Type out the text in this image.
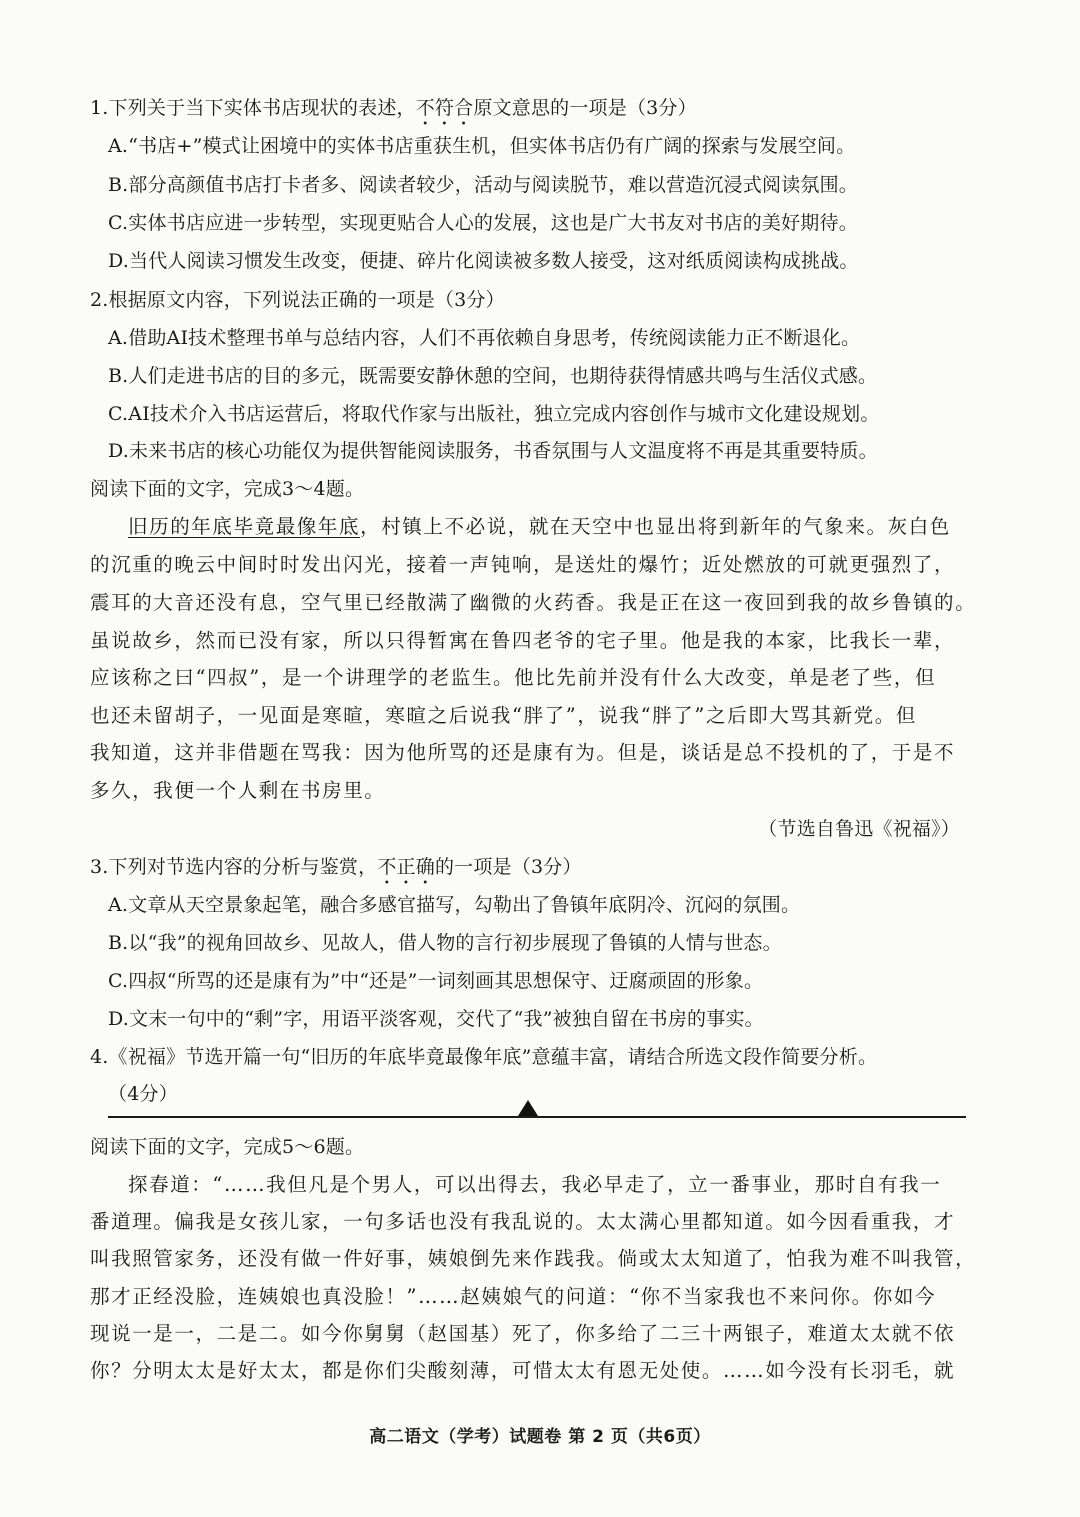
1.下列关于当下实体书店现状的表述，不符合原文意思的一项是（3分）
A.“书店+”模式让困境中的实体书店重获生机，但实体书店仍有广阔的探索与发展空间。
B.部分高颜值书店打卡者多、阅读者较少，活动与阅读脱节，难以营造沉浸式阅读氛围。
C.实体书店应进一步转型，实现更贴合人心的发展，这也是广大书友对书店的美好期待。
D.当代人阅读习惯发生改变，便捷、碎片化阅读被多数人接受，这对纸质阅读构成挑战。
2.根据原文内容，下列说法正确的一项是（3分）
A.借助AI技术整理书单与总结内容，人们不再依赖自身思考，传统阅读能力正不断退化。
B.人们走进书店的目的多元，既需要安静休憩的空间，也期待获得情感共鸣与生活仪式感。
C.AI技术介入书店运营后，将取代作家与出版社，独立完成内容创作与城市文化建设规划。
D.未来书店的核心功能仅为提供智能阅读服务，书香氛围与人文温度将不再是其重要特质。
阅读下面的文字，完成3～4题。
旧历的年底毕竟最像年底，村镇上不必说，就在天空中也显出将到新年的气象来。灰白色
的沉重的晚云中间时时发出闪光，接着一声钝响，是送灶的爆竹；近处燃放的可就更强烈了，
震耳的大音还没有息，空气里已经散满了幽微的火药香。我是正在这一夜回到我的故乡鲁镇的。
虽说故乡，然而已没有家，所以只得暂寓在鲁四老爷的宅子里。他是我的本家，比我长一辈，
应该称之曰“四叔”，是一个讲理学的老监生。他比先前并没有什么大改变，单是老了些，但
也还未留胡子，一见面是寒暄，寒暄之后说我“胖了”，说我“胖了”之后即大骂其新党。但
我知道，这并非借题在骂我：因为他所骂的还是康有为。但是，谈话是总不投机的了，于是不
多久，我便一个人剩在书房里。
（节选自鲁迅《祝福》）
3.下列对节选内容的分析与鉴赏，不正确的一项是（3分）
A.文章从天空景象起笔，融合多感官描写，勾勒出了鲁镇年底阴冷、沉闷的氛围。
B.以“我”的视角回故乡、见故人，借人物的言行初步展现了鲁镇的人情与世态。
C.四叔“所骂的还是康有为”中“还是”一词刻画其思想保守、迂腐顽固的形象。
D.文末一句中的“剩”字，用语平淡客观，交代了“我”被独自留在书房的事实。
4.《祝福》节选开篇一句“旧历的年底毕竟最像年底”意蕴丰富，请结合所选文段作简要分析。
（4分）
阅读下面的文字，完成5～6题。
探春道：“……我但凡是个男人，可以出得去，我必早走了，立一番事业，那时自有我一
番道理。偏我是女孩儿家，一句多话也没有我乱说的。太太满心里都知道。如今因看重我，才
叫我照管家务，还没有做一件好事，姨娘倒先来作践我。倘或太太知道了，怕我为难不叫我管，
那才正经没脸，连姨娘也真没脸！”……赵姨娘气的问道：“你不当家我也不来问你。你如今
现说一是一，二是二。如今你舅舅（赵国基）死了，你多给了二三十两银子，难道太太就不依
你？分明太太是好太太，都是你们尖酸刻薄，可惜太太有恩无处使。……如今没有长羽毛，就
高二语文（学考）试题卷 第 2 页（共6页）
